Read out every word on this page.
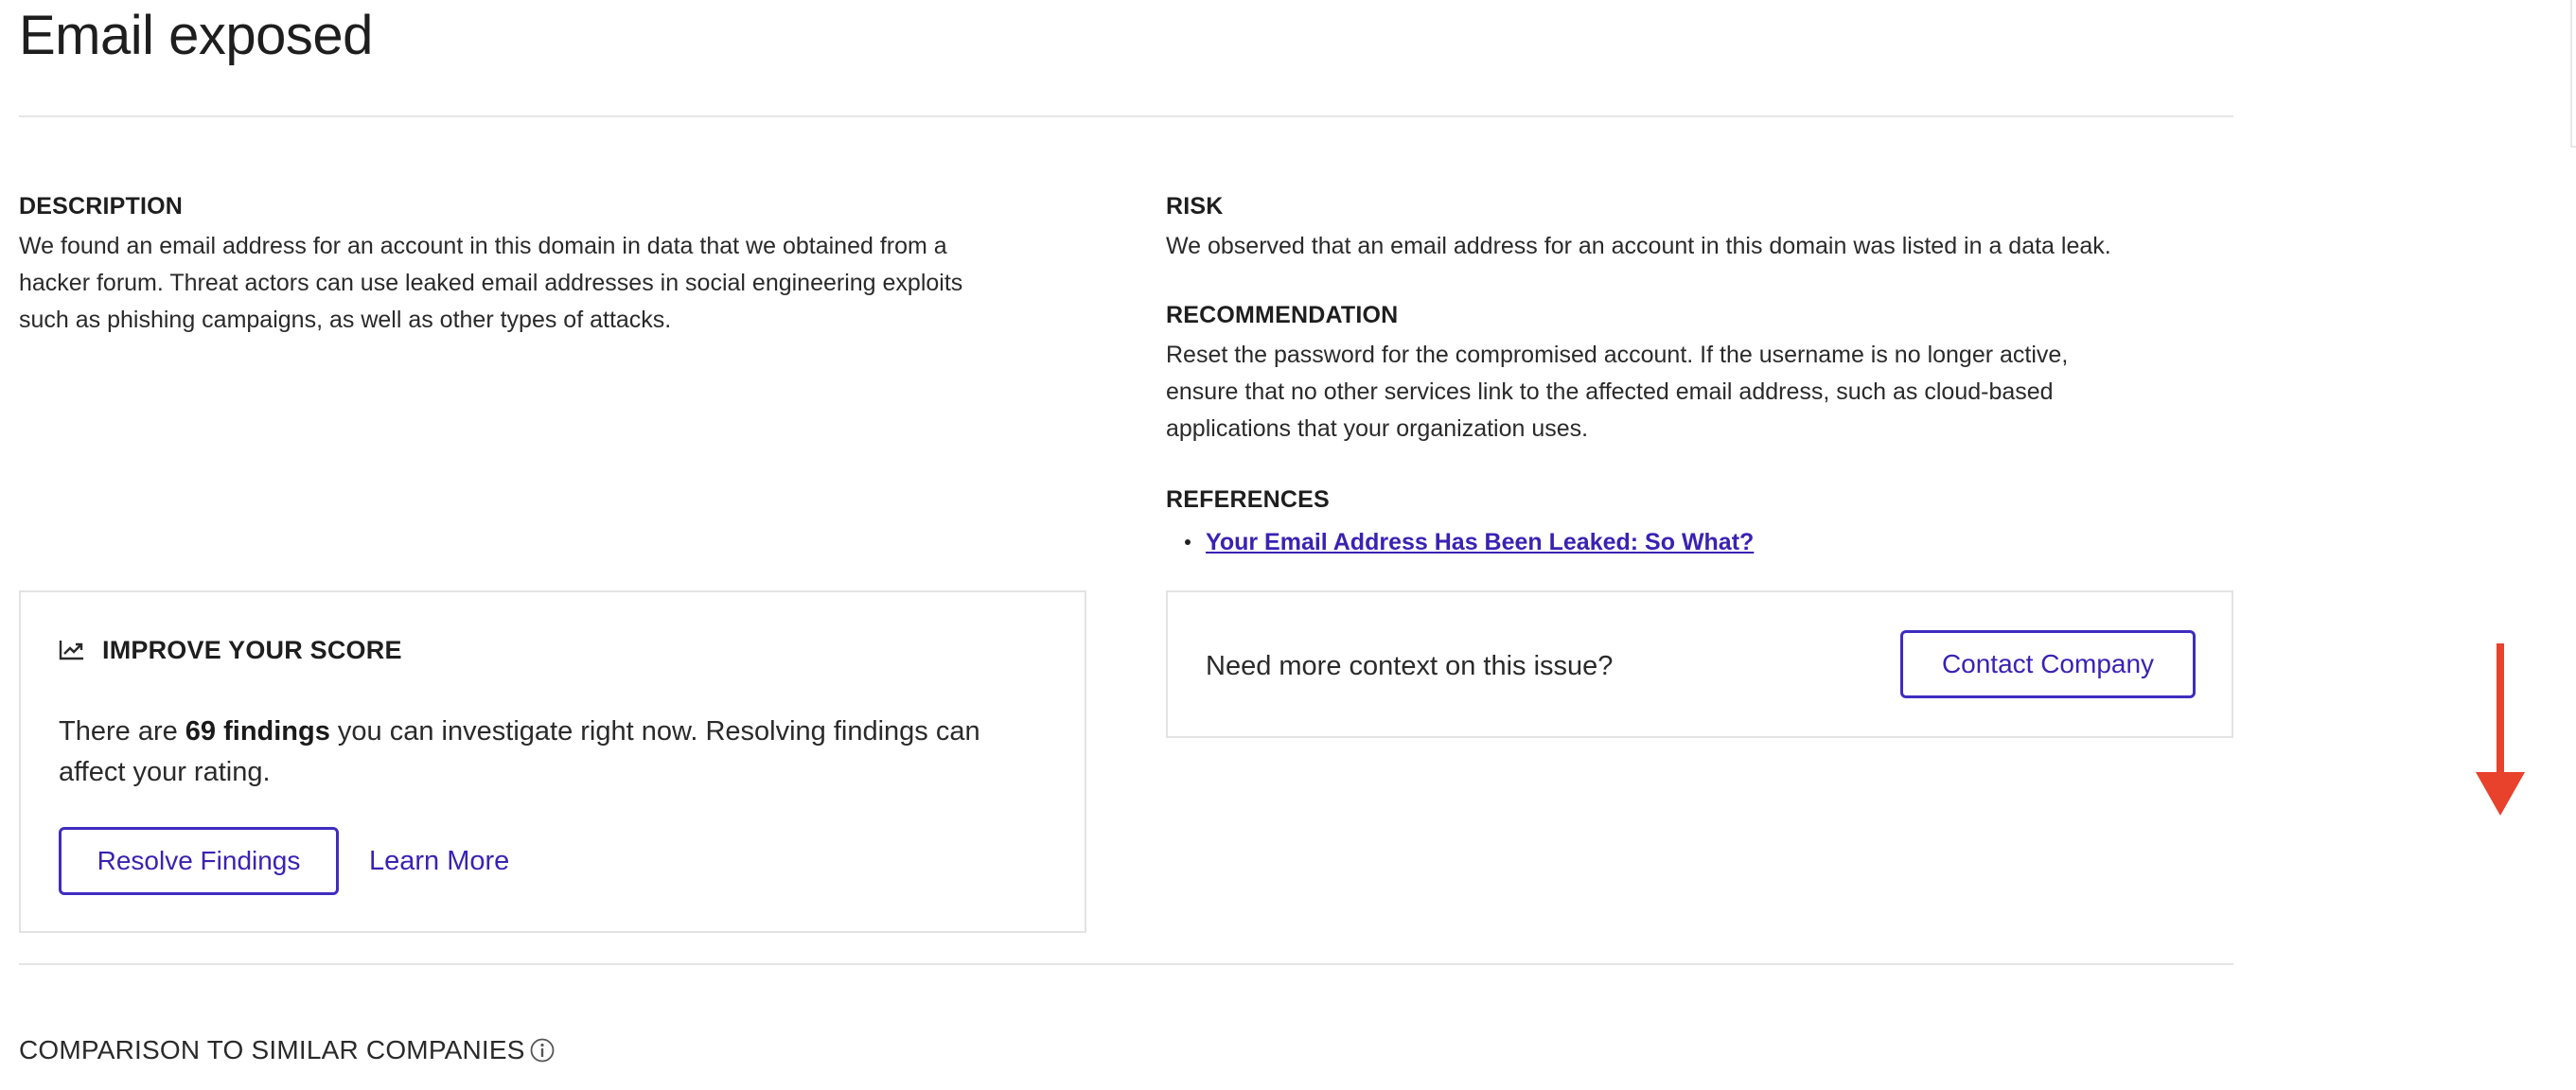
Email exposed
DESCRIPTION
We found an email address for an account in this domain in data that we obtained from a
hacker forum. Threat actors can use leaked email addresses in social engineering exploits
such as phishing campaigns, as well as other types of attacks.
RISK
We observed that an email address for an account in this domain was listed in a data leak.
RECOMMENDATION
Reset the password for the compromised account. If the username is no longer active,
ensure that no other services link to the affected email address, such as cloud-based
applications that your organization uses.
REFERENCES
Your Email Address Has Been Leaked: So What?
IMPROVE YOUR SCORE
There are 69 findings you can investigate right now. Resolving findings can
affect your rating.
Resolve Findings	Learn More
Need more context on this issue?	Contact Company
COMPARISON TO SIMILAR COMPANIES
